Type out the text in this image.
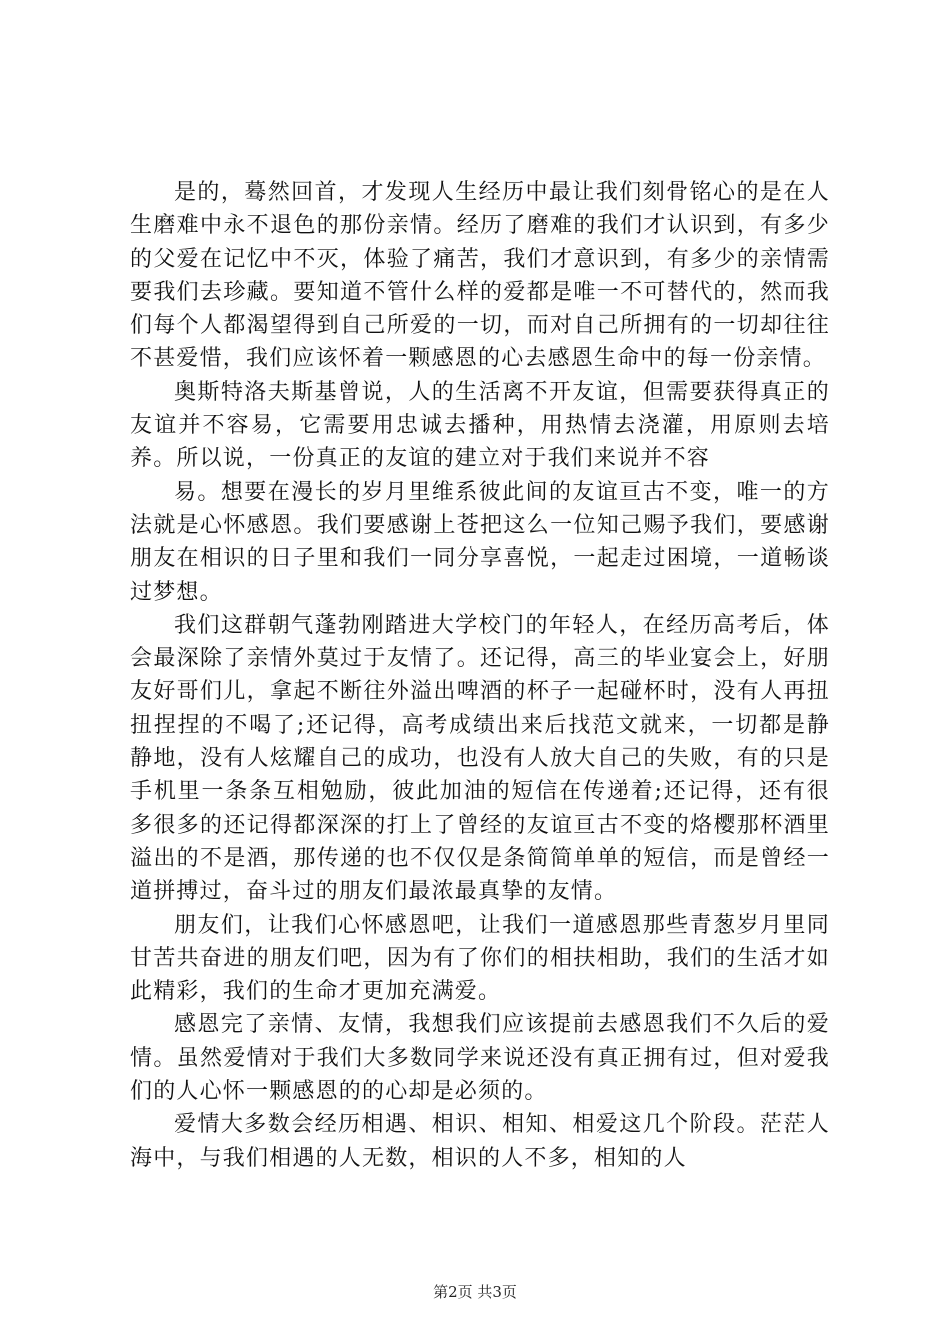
是的，蓦然回首，才发现人生经历中最让我们刻骨铭心的是在人生磨难中永不退色的那份亲情。经历了磨难的我们才认识到，有多少的父爱在记忆中不灭，体验了痛苦，我们才意识到，有多少的亲情需要我们去珍藏。要知道不管什么样的爱都是唯一不可替代的，然而我们每个人都渴望得到自己所爱的一切，而对自己所拥有的一切却往往不甚爱惜，我们应该怀着一颗感恩的心去感恩生命中的每一份亲情。

奥斯特洛夫斯基曾说，人的生活离不开友谊，但需要获得真正的友谊并不容易，它需要用忠诚去播种，用热情去浇灌，用原则去培养。所以说，一份真正的友谊的建立对于我们来说并不容

易。想要在漫长的岁月里维系彼此间的友谊亘古不变，唯一的方法就是心怀感恩。我们要感谢上苍把这么一位知己赐予我们，要感谢朋友在相识的日子里和我们一同分享喜悦，一起走过困境，一道畅谈过梦想。

我们这群朝气蓬勃刚踏进大学校门的年轻人，在经历高考后，体会最深除了亲情外莫过于友情了。还记得，高三的毕业宴会上，好朋友好哥们儿，拿起不断往外溢出啤酒的杯子一起碰杯时，没有人再扭扭捏捏的不喝了;还记得，高考成绩出来后找范文就来，一切都是静静地，没有人炫耀自己的成功，也没有人放大自己的失败，有的只是手机里一条条互相勉励，彼此加油的短信在传递着;还记得，还有很多很多的还记得都深深的打上了曾经的友谊亘古不变的烙樱那杯酒里溢出的不是酒，那传递的也不仅仅是条简简单单的短信，而是曾经一道拼搏过，奋斗过的朋友们最浓最真挚的友情。

朋友们，让我们心怀感恩吧，让我们一道感恩那些青葱岁月里同甘苦共奋进的朋友们吧，因为有了你们的相扶相助，我们的生活才如此精彩，我们的生命才更加充满爱。

感恩完了亲情、友情，我想我们应该提前去感恩我们不久后的爱情。虽然爱情对于我们大多数同学来说还没有真正拥有过，但对爱我们的人心怀一颗感恩的的心却是必须的。

爱情大多数会经历相遇、相识、相知、相爱这几个阶段。茫茫人海中，与我们相遇的人无数，相识的人不多，相知的人

第2页 共3页
